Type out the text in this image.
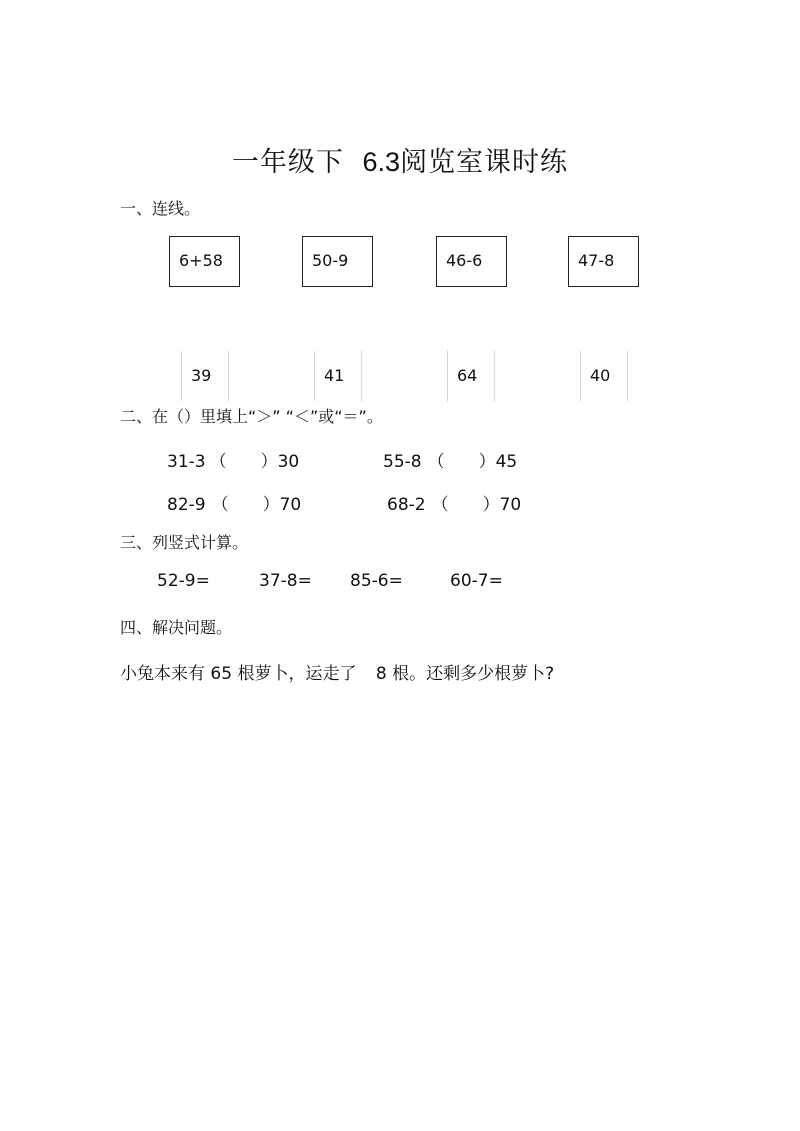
一年级下 6.3阅览室课时练
一、连线。
6+58	50-9	46-6	47-8
39	41	64	40
二、在（）里填上“＞” “＜”或“＝”。
31-3 （ ）30	55-8 （ ）45
82-9 （ ）70	68-2 （ ）70
三、列竖式计算。
52-9=	37-8= 85-6=	60-7=
四、解决问题。
小兔本来有 65 根萝卜，运走了 8 根。还剩多少根萝卜?
